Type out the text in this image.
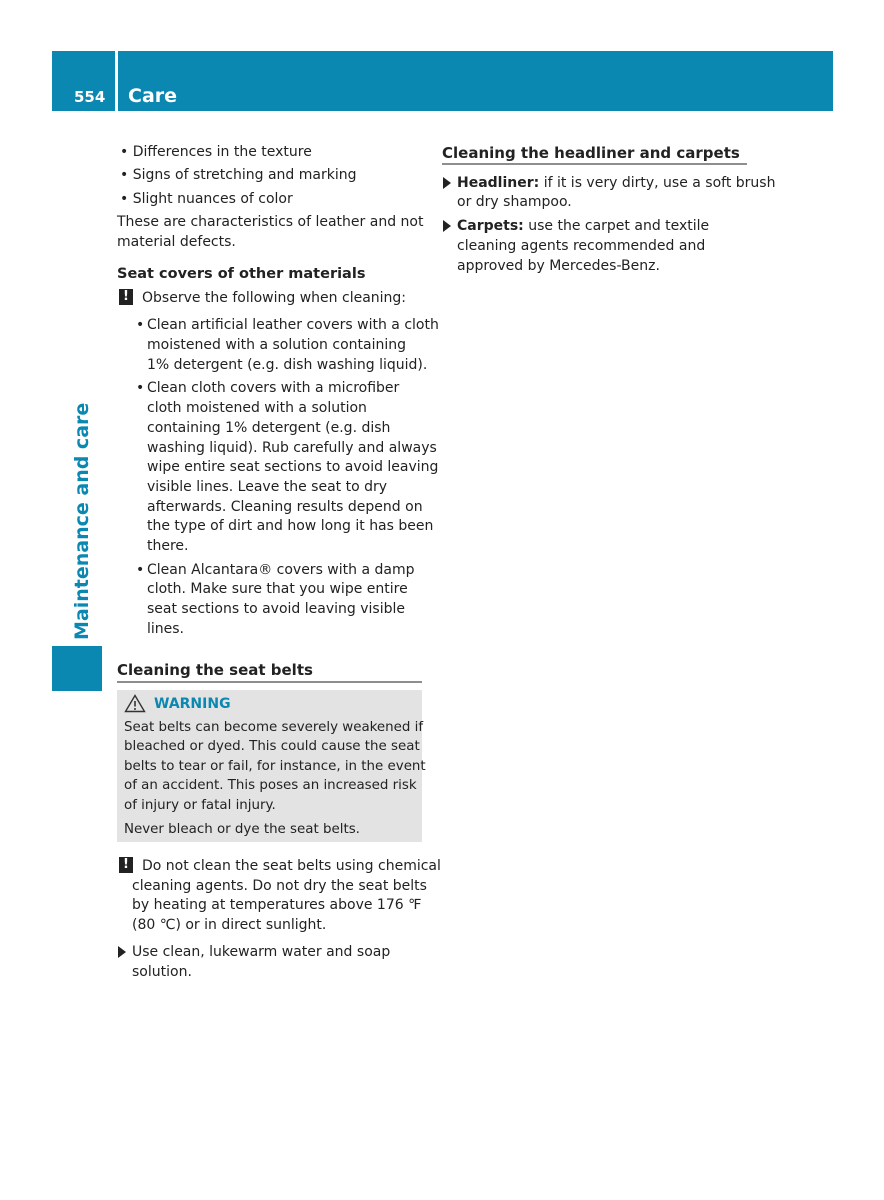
554 Care
Maintenance and care
• Differences in the texture
• Signs of stretching and marking
• Slight nuances of color
These are characteristics of leather and not
material defects.
Seat covers of other materials
! Observe the following when cleaning:
• Clean artificial leather covers with a cloth
moistened with a solution containing
1% detergent (e.g. dish washing liquid).
• Clean cloth covers with a microfiber
cloth moistened with a solution
containing 1% detergent (e.g. dish
washing liquid). Rub carefully and always
wipe entire seat sections to avoid leaving
visible lines. Leave the seat to dry
afterwards. Cleaning results depend on
the type of dirt and how long it has been
there.
• Clean Alcantara® covers with a damp
cloth. Make sure that you wipe entire
seat sections to avoid leaving visible
lines.
Cleaning the seat belts
WARNING
Seat belts can become severely weakened if
bleached or dyed. This could cause the seat
belts to tear or fail, for instance, in the event
of an accident. This poses an increased risk
of injury or fatal injury.
Never bleach or dye the seat belts.
! Do not clean the seat belts using chemical
cleaning agents. Do not dry the seat belts
by heating at temperatures above 176 ℉
(80 ℃) or in direct sunlight.
Use clean, lukewarm water and soap
solution.
Cleaning the headliner and carpets
Headliner: if it is very dirty, use a soft brush
or dry shampoo.
Carpets: use the carpet and textile
cleaning agents recommended and
approved by Mercedes-Benz.
